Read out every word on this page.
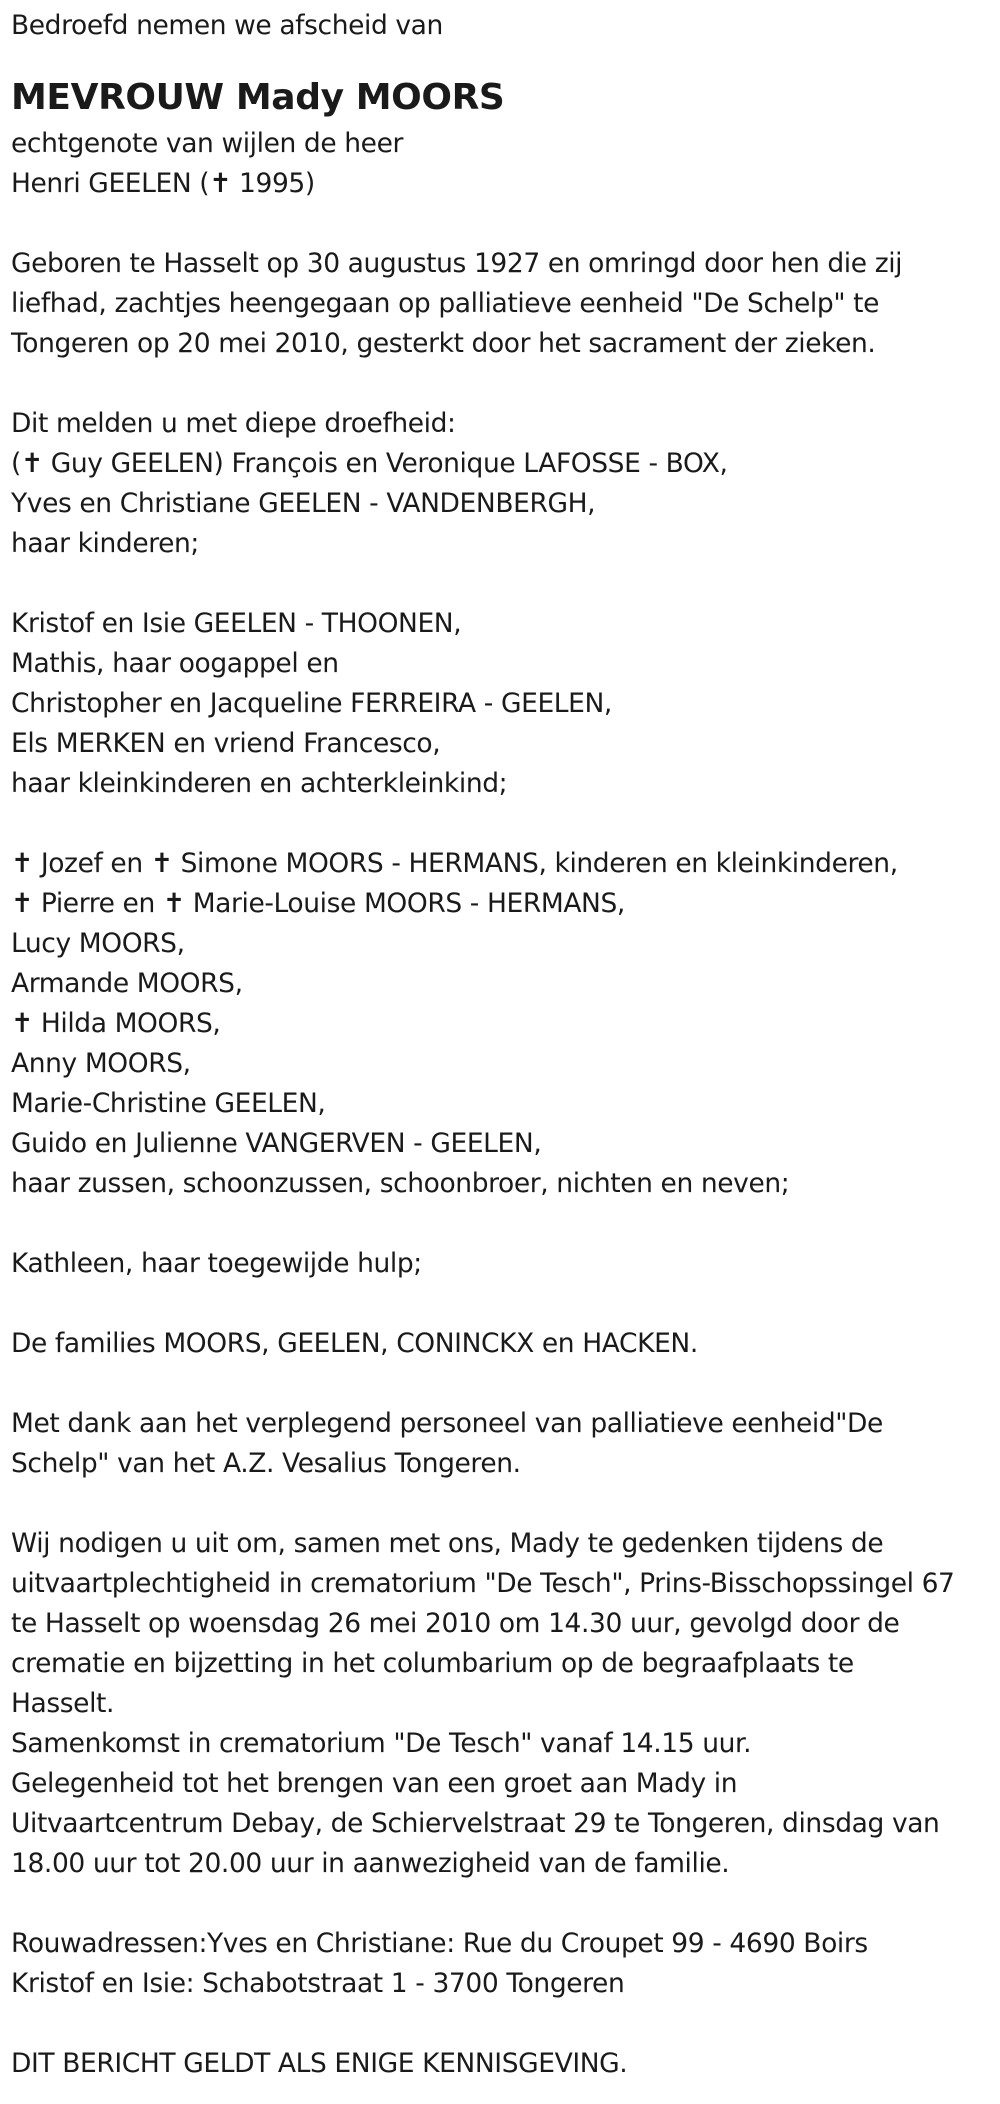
Bedroefd nemen we afscheid van
MEVROUW Mady MOORS
echtgenote van wijlen de heer
Henri GEELEN (✝ 1995)
Geboren te Hasselt op 30 augustus 1927 en omringd door hen die zij
liefhad, zachtjes heengegaan op palliatieve eenheid "De Schelp" te
Tongeren op 20 mei 2010, gesterkt door het sacrament der zieken.
Dit melden u met diepe droefheid:
(✝ Guy GEELEN) François en Veronique LAFOSSE - BOX,
Yves en Christiane GEELEN - VANDENBERGH,
haar kinderen;
Kristof en Isie GEELEN - THOONEN,
Mathis, haar oogappel en
Christopher en Jacqueline FERREIRA - GEELEN,
Els MERKEN en vriend Francesco,
haar kleinkinderen en achterkleinkind;
✝ Jozef en ✝ Simone MOORS - HERMANS, kinderen en kleinkinderen,
✝ Pierre en ✝ Marie-Louise MOORS - HERMANS,
Lucy MOORS,
Armande MOORS,
✝ Hilda MOORS,
Anny MOORS,
Marie-Christine GEELEN,
Guido en Julienne VANGERVEN - GEELEN,
haar zussen, schoonzussen, schoonbroer, nichten en neven;
Kathleen, haar toegewijde hulp;
De families MOORS, GEELEN, CONINCKX en HACKEN.
Met dank aan het verplegend personeel van palliatieve eenheid"De
Schelp" van het A.Z. Vesalius Tongeren.
Wij nodigen u uit om, samen met ons, Mady te gedenken tijdens de
uitvaartplechtigheid in crematorium "De Tesch", Prins-Bisschopssingel 67
te Hasselt op woensdag 26 mei 2010 om 14.30 uur, gevolgd door de
crematie en bijzetting in het columbarium op de begraafplaats te
Hasselt.
Samenkomst in crematorium "De Tesch" vanaf 14.15 uur.
Gelegenheid tot het brengen van een groet aan Mady in
Uitvaartcentrum Debay, de Schiervelstraat 29 te Tongeren, dinsdag van
18.00 uur tot 20.00 uur in aanwezigheid van de familie.
Rouwadressen:Yves en Christiane: Rue du Croupet 99 - 4690 Boirs
Kristof en Isie: Schabotstraat 1 - 3700 Tongeren
DIT BERICHT GELDT ALS ENIGE KENNISGEVING.
